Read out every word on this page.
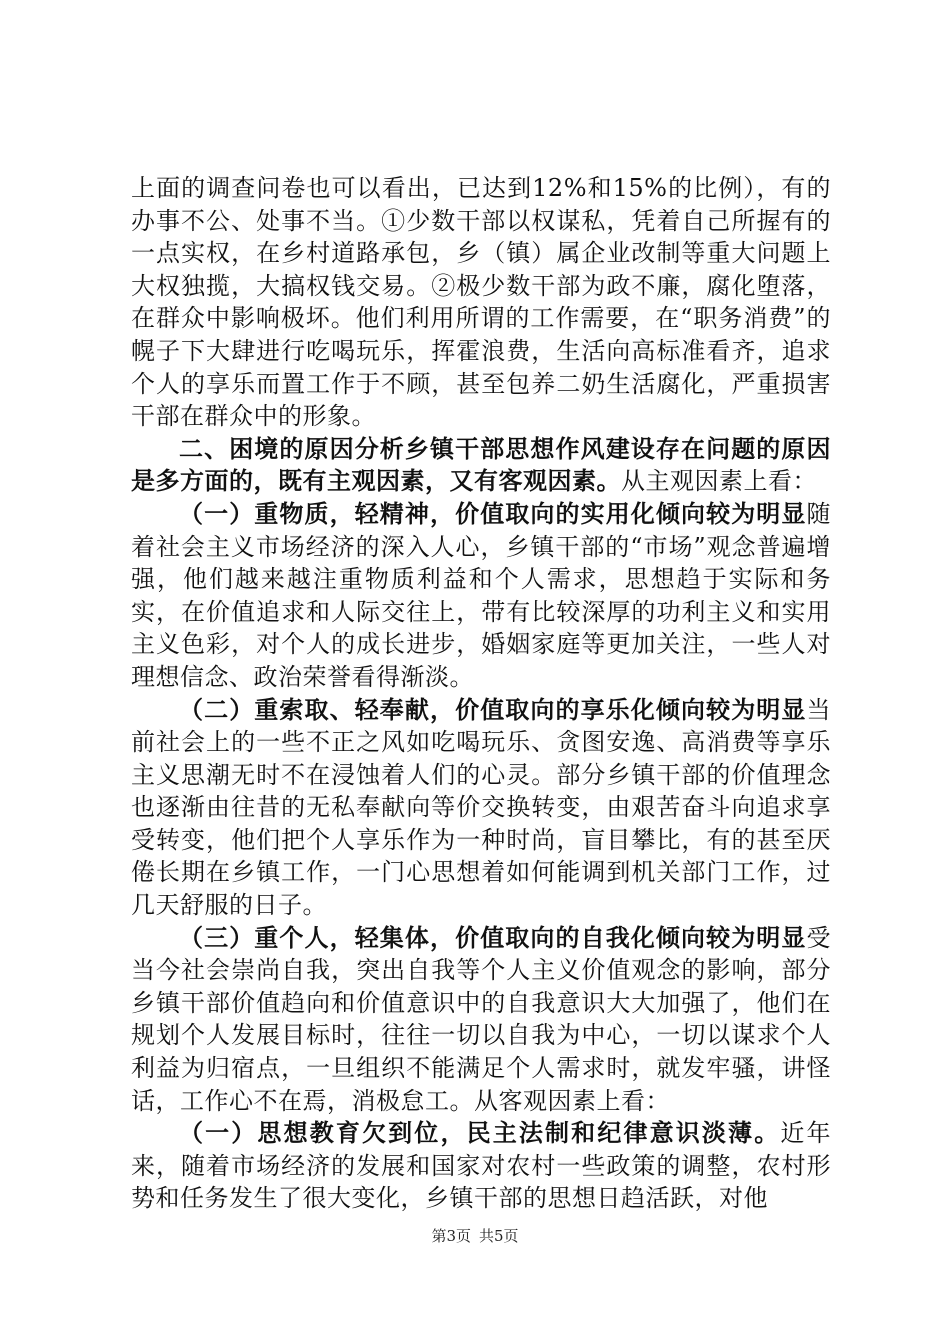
上面的调查问卷也可以看出，已达到12%和15%的比例），有的办事不公、处事不当。①少数干部以权谋私，凭着自己所握有的一点实权，在乡村道路承包，乡（镇）属企业改制等重大问题上大权独揽，大搞权钱交易。②极少数干部为政不廉，腐化堕落，在群众中影响极坏。他们利用所谓的工作需要，在“职务消费”的幌子下大肆进行吃喝玩乐，挥霍浪费，生活向高标准看齐，追求个人的享乐而置工作于不顾，甚至包养二奶生活腐化，严重损害干部在群众中的形象。

二、困境的原因分析乡镇干部思想作风建设存在问题的原因是多方面的，既有主观因素，又有客观因素。从主观因素上看：

（一）重物质，轻精神，价值取向的实用化倾向较为明显随着社会主义市场经济的深入人心，乡镇干部的“市场”观念普遍增强，他们越来越注重物质利益和个人需求，思想趋于实际和务实，在价值追求和人际交往上，带有比较深厚的功利主义和实用主义色彩，对个人的成长进步，婚姻家庭等更加关注，一些人对理想信念、政治荣誉看得渐淡。

（二）重索取、轻奉献，价值取向的享乐化倾向较为明显当前社会上的一些不正之风如吃喝玩乐、贪图安逸、高消费等享乐主义思潮无时不在浸蚀着人们的心灵。部分乡镇干部的价值理念也逐渐由往昔的无私奉献向等价交换转变，由艰苦奋斗向追求享受转变，他们把个人享乐作为一种时尚，盲目攀比，有的甚至厌倦长期在乡镇工作，一门心思想着如何能调到机关部门工作，过几天舒服的日子。

（三）重个人，轻集体，价值取向的自我化倾向较为明显受当今社会崇尚自我，突出自我等个人主义价值观念的影响，部分乡镇干部价值趋向和价值意识中的自我意识大大加强了，他们在规划个人发展目标时，往往一切以自我为中心，一切以谋求个人利益为归宿点，一旦组织不能满足个人需求时，就发牢骚，讲怪话，工作心不在焉，消极怠工。从客观因素上看：

（一）思想教育欠到位，民主法制和纪律意识淡薄。近年来，随着市场经济的发展和国家对农村一些政策的调整，农村形势和任务发生了很大变化，乡镇干部的思想日趋活跃，对他

第3页 共5页
